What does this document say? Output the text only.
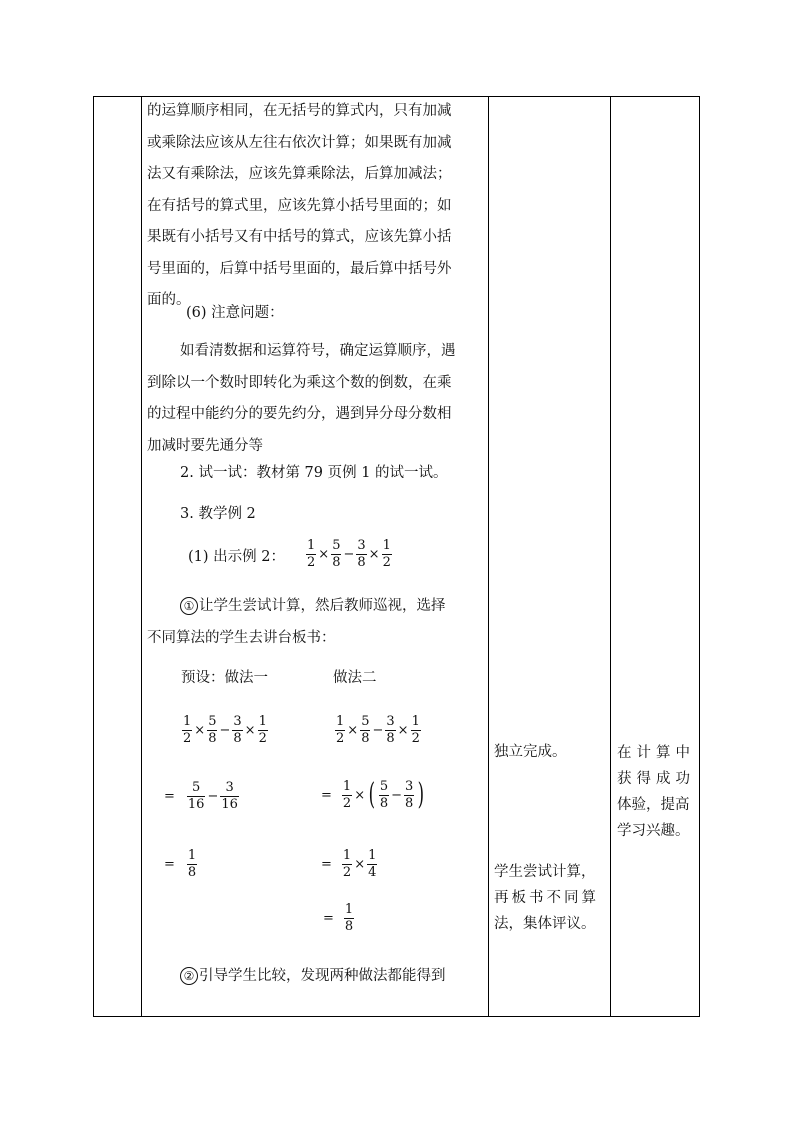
的运算顺序相同，在无括号的算式内，只有加减
或乘除法应该从左往右依次计算；如果既有加减
法又有乘除法，应该先算乘除法，后算加减法；
在有括号的算式里，应该先算小括号里面的；如
果既有小括号又有中括号的算式，应该先算小括
号里面的，后算中括号里面的，最后算中括号外
面的。
(6) 注意问题：
如看清数据和运算符号，确定运算顺序，遇
到除以一个数时即转化为乘这个数的倒数，在乘
的过程中能约分的要先约分，遇到异分母分数相
加减时要先通分等
2. 试一试：教材第 79 页例 1 的试一试。
3. 教学例 2
(1) 出示例 2： $\frac{1}{2} \times \frac{5}{8} - \frac{3}{8} \times \frac{1}{2}$
① 让学生尝试计算，然后教师巡视，选择
不同算法的学生去讲台板书：
预设：做法一	做法二
$\frac{1}{2} \times \frac{5}{8} - \frac{3}{8} \times \frac{1}{2}$
= $\frac{5}{16} - \frac{3}{16}$
= $\frac{1}{8}$
$\frac{1}{2} \times \frac{5}{8} - \frac{3}{8} \times \frac{1}{2}$
= $\frac{1}{2}$ × ( $\frac{5}{8} - \frac{3}{8}$ )
= $\frac{1}{2} \times \frac{1}{4}$
= $\frac{1}{8}$
② 引导学生比较，发现两种做法都能得到
独立完成。
学生尝试计算，
再板书不同算
法，集体评议。
在计算中
获得成功
体验，提高
学习兴趣。
